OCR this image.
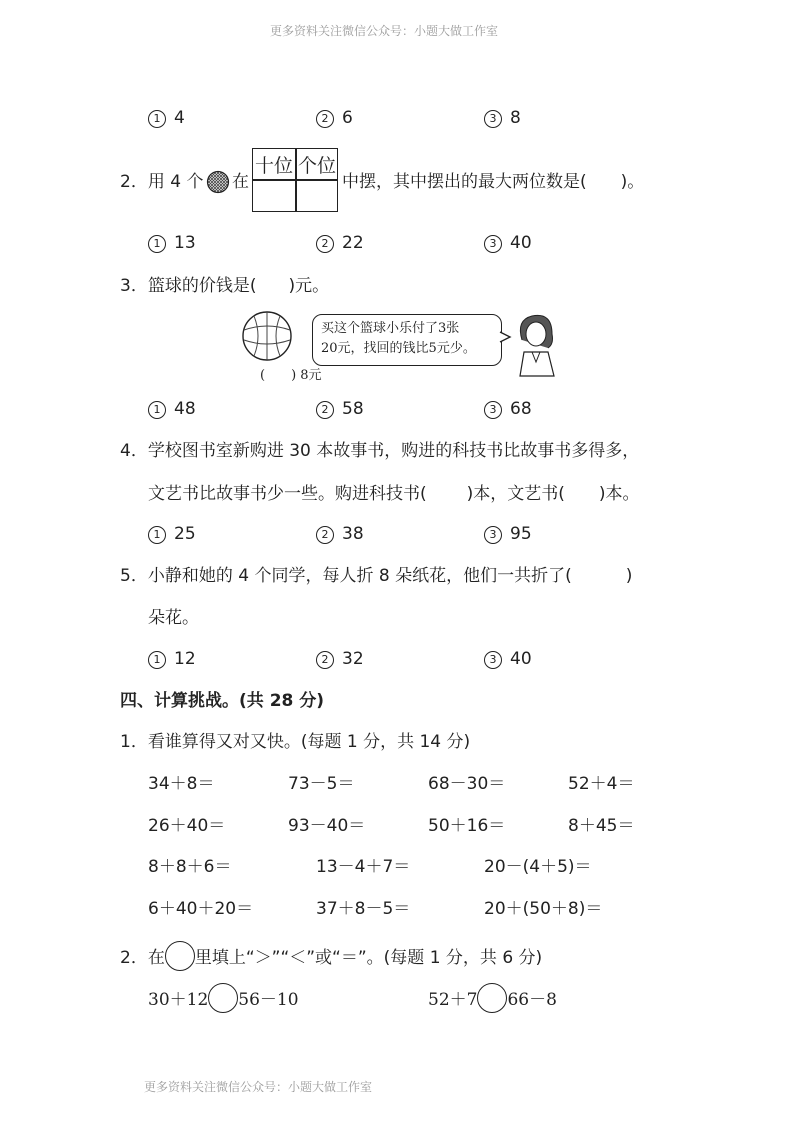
更多资料关注微信公众号：小题大做工作室
更多资料关注微信公众号：小题大做工作室
1 4	2 6	3 8
2．用 4 个 在
十位 个位
中摆，其中摆出的最大两位数是( )。
1 13	2 22	3 40
3．篮球的价钱是( )元。
(　　) 8元
买这个篮球小乐付了3张
20元，找回的钱比5元少。
1 48	2 58	3 68
4．学校图书室新购进 30 本故事书，购进的科技书比故事书多得多，
文艺书比故事书少一些。购进科技书( )本，文艺书( )本。
1 25	2 38	3 95
5．小静和她的 4 个同学，每人折 8 朵纸花，他们一共折了(	)
朵花。
1 12	2 32	3 40
四、计算挑战。(共 28 分)
1．看谁算得又对又快。(每题 1 分，共 14 分)
34＋8＝	73－5＝	68－30＝	52＋4＝
26＋40＝	93－40＝	50＋16＝	8＋45＝
8＋8＋6＝	13－4＋7＝	20－(4＋5)＝
6＋40＋20＝	37＋8－5＝	20＋(50＋8)＝
2．在 里填上“＞”“＜”或“＝”。(每题 1 分，共 6 分)
30＋12 56－10	52＋7 66－8
